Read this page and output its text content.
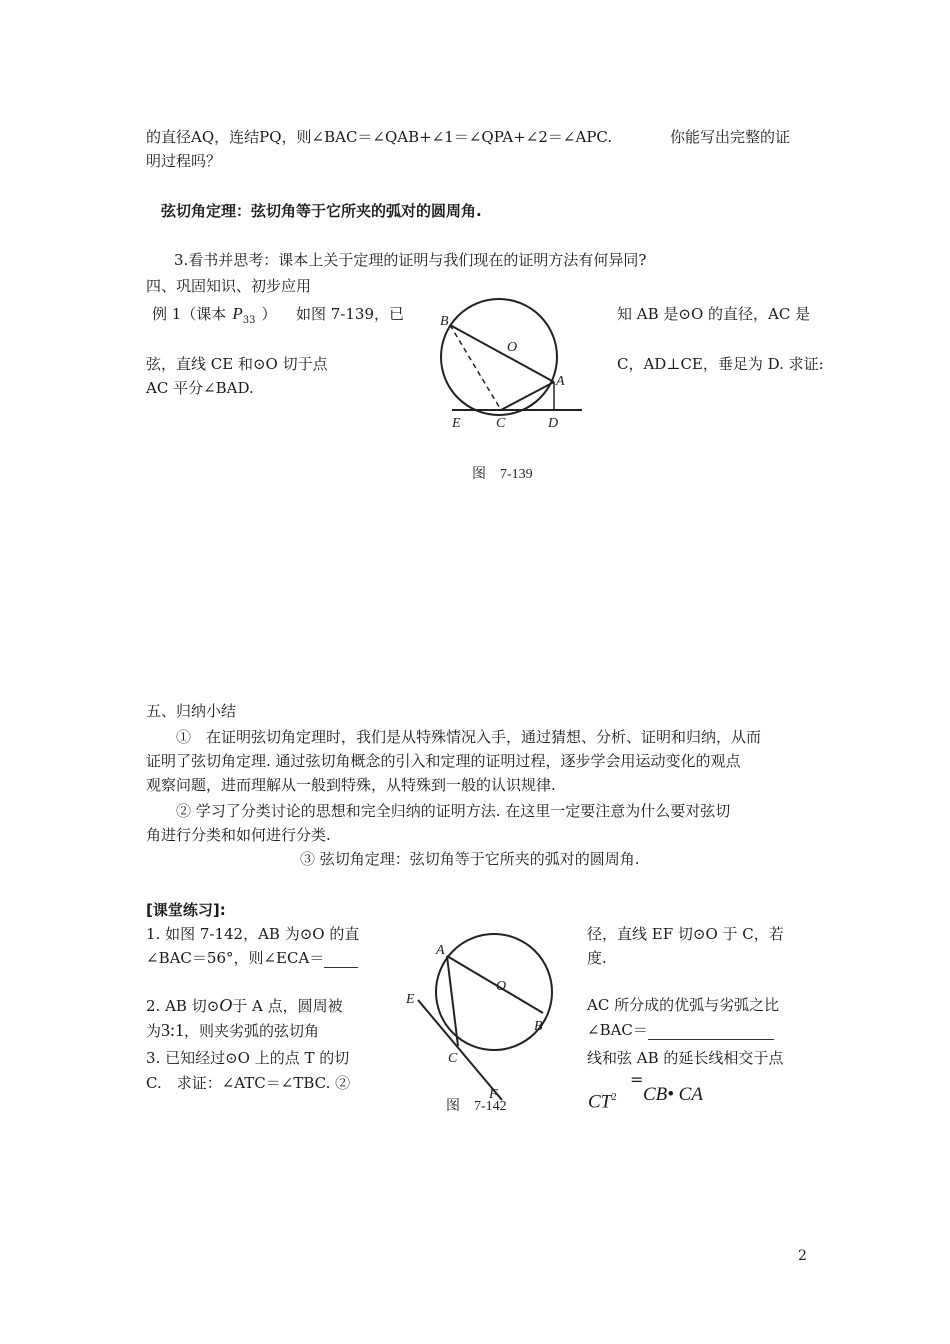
的直径AQ，连结PQ，则∠BAC＝∠QAB+∠1＝∠QPA+∠2＝∠APC.	你能写出完整的证
明过程吗？
弦切角定理：弦切角等于它所夹的弧对的圆周角.
3.看书并思考：课本上关于定理的证明与我们现在的证明方法有何异同?
四、巩固知识、初步应用
例 1（课本 $P_{33}$ ） 如图 7-139，已	知 AB 是⊙O 的直径，AC 是
弦，直线 CE 和⊙O 切于点	C，AD⊥CE，垂足为 D. 求证:
AC 平分∠BAD.
B
O
A
E	C	D
图　7-139
五、归纳小结
①　在证明弦切角定理时，我们是从特殊情况入手，通过猜想、分析、证明和归纳，从而
证明了弦切角定理. 通过弦切角概念的引入和定理的证明过程，逐步学会用运动变化的观点
观察问题，进而理解从一般到特殊，从特殊到一般的认识规律.
② 学习了分类讨论的思想和完全归纳的证明方法. 在这里一定要注意为什么要对弦切
角进行分类和如何进行分类.
③ 弦切角定理：弦切角等于它所夹的弧对的圆周角.
[课堂练习]:
1. 如图 7-142，AB 为⊙O 的直	径，直线 EF 切⊙O 于 C，若
∠BAC＝56°，则∠ECA＝	度.
2. AB 切⊙O于 A 点，圆周被	AC 所分成的优弧与劣弧之比
为3:1，则夹劣弧的弦切角	∠BAC＝
3. 已知经过⊙O 上的点 T 的切	线和弦 AB 的延长线相交于点
C.　求证：∠ATC＝∠TBC. ②	=
$CT^2$ CB• CA
A
O
E
C
B
F
图　7-142
2
